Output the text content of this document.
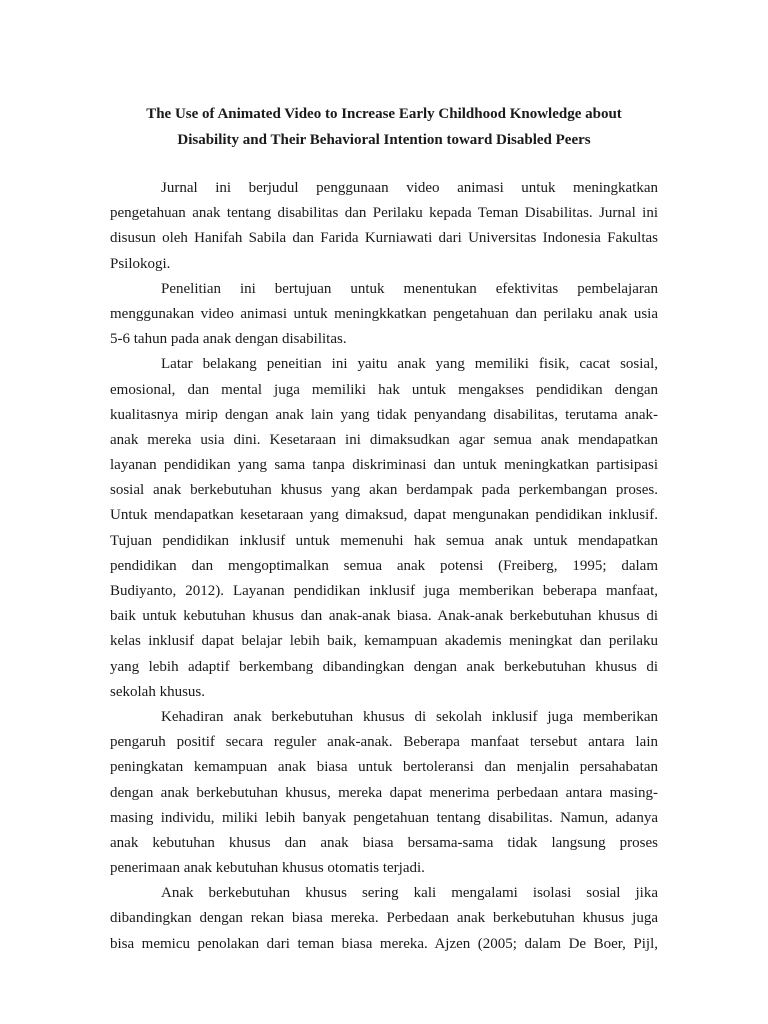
The Use of Animated Video to Increase Early Childhood Knowledge about
Disability and Their Behavioral Intention toward Disabled Peers
Jurnal ini berjudul penggunaan video animasi untuk meningkatkan
pengetahuan anak tentang disabilitas dan Perilaku kepada Teman Disabilitas. Jurnal ini
disusun oleh Hanifah Sabila dan Farida Kurniawati dari Universitas Indonesia Fakultas
Psilokogi.
Penelitian ini bertujuan untuk menentukan efektivitas pembelajaran
menggunakan video animasi untuk meningkkatkan pengetahuan dan perilaku anak usia
5-6 tahun pada anak dengan disabilitas.
Latar belakang peneitian ini yaitu anak yang memiliki fisik, cacat sosial,
emosional, dan mental juga memiliki hak untuk mengakses pendidikan dengan
kualitasnya mirip dengan anak lain yang tidak penyandang disabilitas, terutama anak-
anak mereka usia dini. Kesetaraan ini dimaksudkan agar semua anak mendapatkan
layanan pendidikan yang sama tanpa diskriminasi dan untuk meningkatkan partisipasi
sosial anak berkebutuhan khusus yang akan berdampak pada perkembangan proses.
Untuk mendapatkan kesetaraan yang dimaksud, dapat mengunakan pendidikan inklusif.
Tujuan pendidikan inklusif untuk memenuhi hak semua anak untuk mendapatkan
pendidikan dan mengoptimalkan semua anak potensi (Freiberg, 1995; dalam
Budiyanto, 2012). Layanan pendidikan inklusif juga memberikan beberapa manfaat,
baik untuk kebutuhan khusus dan anak-anak biasa. Anak-anak berkebutuhan khusus di
kelas inklusif dapat belajar lebih baik, kemampuan akademis meningkat dan perilaku
yang lebih adaptif berkembang dibandingkan dengan anak berkebutuhan khusus di
sekolah khusus.
Kehadiran anak berkebutuhan khusus di sekolah inklusif juga memberikan
pengaruh positif secara reguler anak-anak. Beberapa manfaat tersebut antara lain
peningkatan kemampuan anak biasa untuk bertoleransi dan menjalin persahabatan
dengan anak berkebutuhan khusus, mereka dapat menerima perbedaan antara masing-
masing individu, miliki lebih banyak pengetahuan tentang disabilitas. Namun, adanya
anak kebutuhan khusus dan anak biasa bersama-sama tidak langsung proses
penerimaan anak kebutuhan khusus otomatis terjadi.
Anak berkebutuhan khusus sering kali mengalami isolasi sosial jika
dibandingkan dengan rekan biasa mereka. Perbedaan anak berkebutuhan khusus juga
bisa memicu penolakan dari teman biasa mereka. Ajzen (2005; dalam De Boer, Pijl,
